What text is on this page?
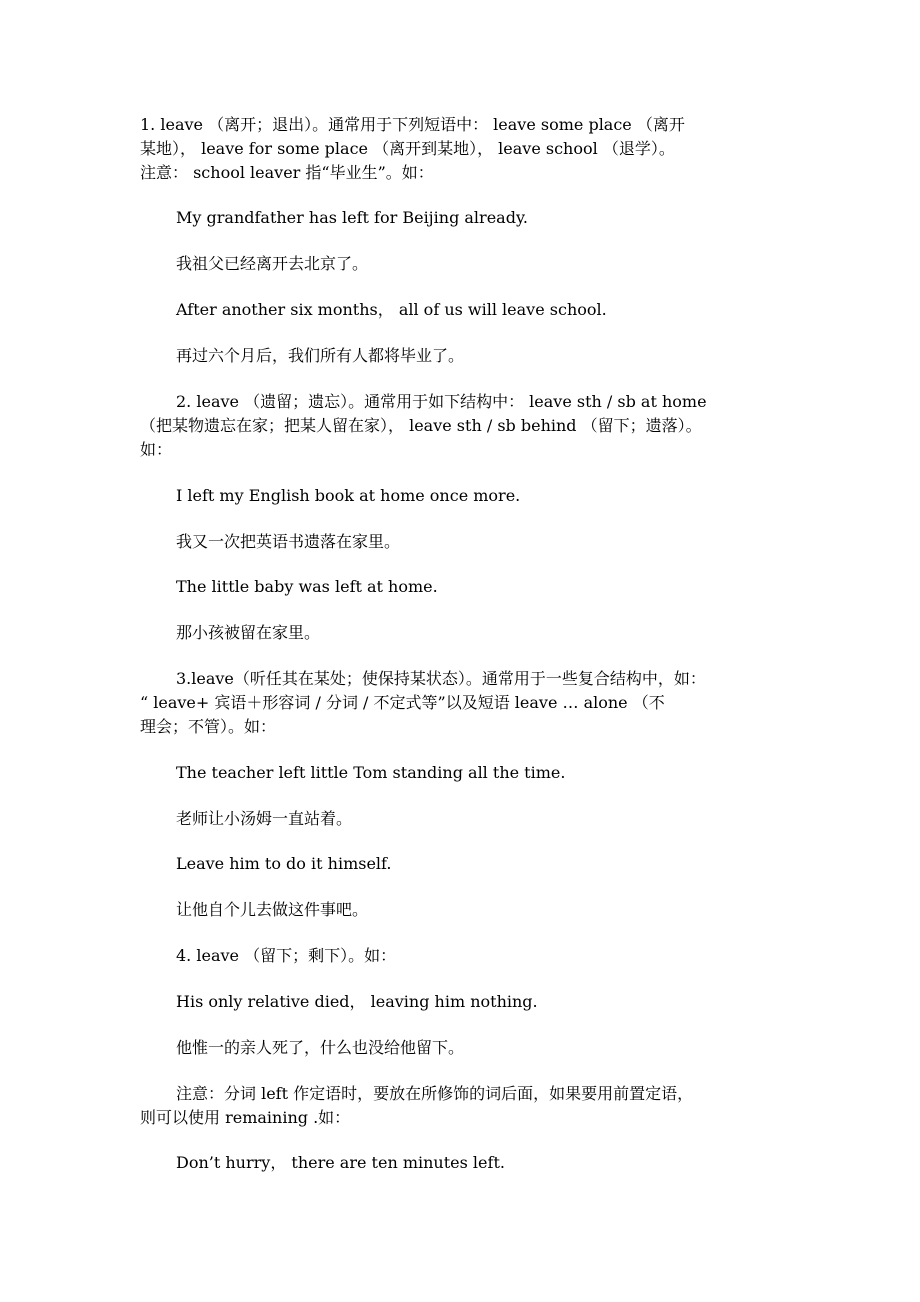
1. leave （离开；退出）。通常用于下列短语中： leave some place （离开

某地）， leave for some place （离开到某地）， leave school （退学）。

注意： school leaver 指“毕业生”。如：

My grandfather has left for Beijing already.

我祖父已经离开去北京了。

After another six months， all of us will leave school.

再过六个月后，我们所有人都将毕业了。

2. leave （遗留；遗忘）。通常用于如下结构中： leave sth / sb at home

（把某物遗忘在家；把某人留在家）， leave sth / sb behind （留下；遗落）。

如：

I left my English book at home once more.

我又一次把英语书遗落在家里。

The little baby was left at home.

那小孩被留在家里。

3.leave（听任其在某处；使保持某状态）。通常用于一些复合结构中，如：

“ leave+ 宾语＋形容词 / 分词 / 不定式等”以及短语 leave … alone （不

理会；不管）。如：

The teacher left little Tom standing all the time.

老师让小汤姆一直站着。

Leave him to do it himself.

让他自个儿去做这件事吧。

4. leave （留下；剩下）。如：

His only relative died， leaving him nothing.

他惟一的亲人死了，什么也没给他留下。

注意：分词 left 作定语时，要放在所修饰的词后面，如果要用前置定语，

则可以使用 remaining .如：

Don’t hurry， there are ten minutes left.
